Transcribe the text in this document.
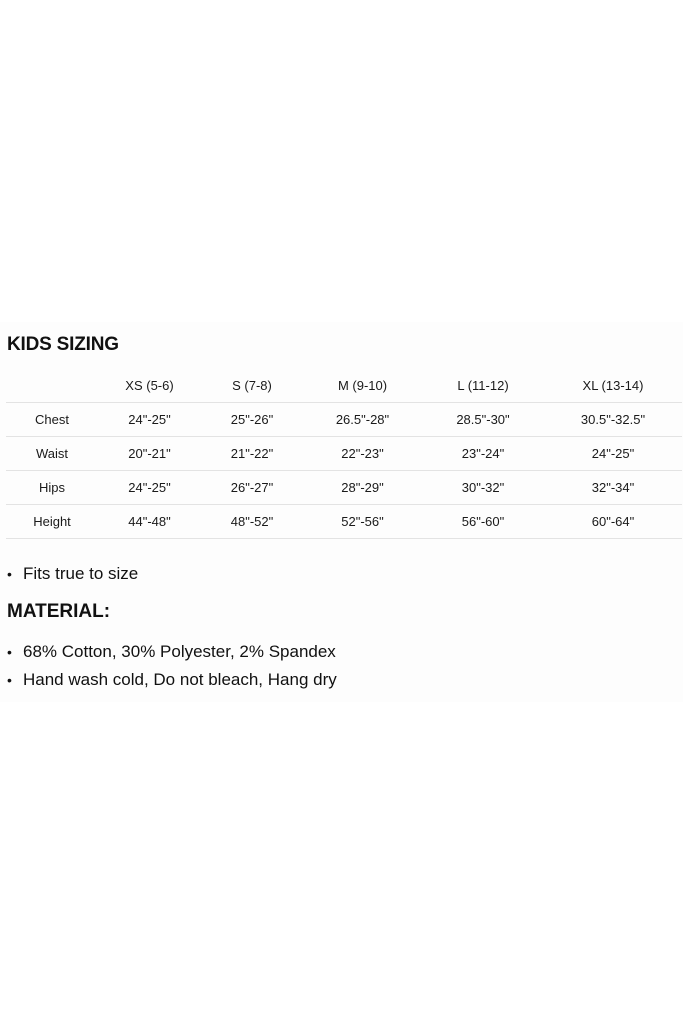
KIDS SIZING
	XS (5-6)	S (7-8)	M (9-10)	L (11-12)	XL (13-14)
Chest	24"-25"	25"-26"	26.5"-28"	28.5"-30"	30.5"-32.5"
Waist	20"-21"	21"-22"	22"-23"	23"-24"	24"-25"
Hips	24"-25"	26"-27"	28"-29"	30"-32"	32"-34"
Height	44"-48"	48"-52"	52"-56"	56"-60"	60"-64"
• Fits true to size
MATERIAL:
• 68% Cotton, 30% Polyester, 2% Spandex
• Hand wash cold, Do not bleach, Hang dry
